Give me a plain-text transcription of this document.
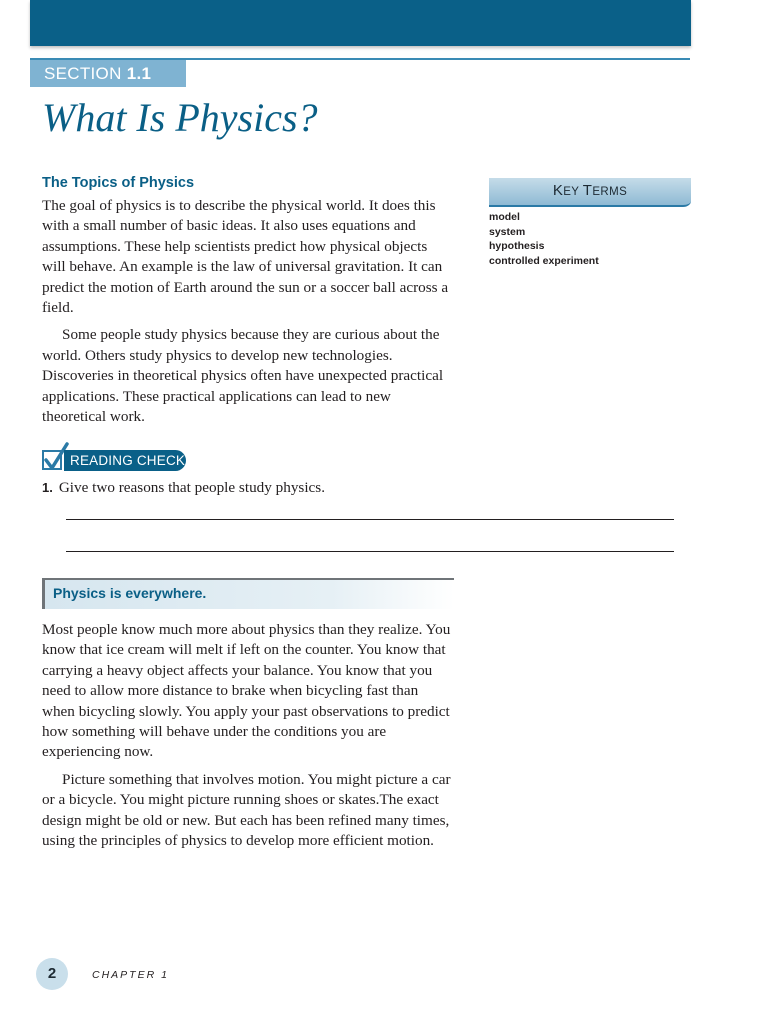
SECTION 1.1
What Is Physics?
The Topics of Physics

The goal of physics is to describe the physical world. It does this with a small number of basic ideas. It also uses equations and assumptions. These help scientists predict how physical objects will behave. An example is the law of universal gravitation. It can predict the motion of Earth around the sun or a soccer ball across a field.

Some people study physics because they are curious about the world. Others study physics to develop new technologies. Discoveries in theoretical physics often have unexpected practical applications. These practical applications can lead to new theoretical work.

KEY TERMS
model
system
hypothesis
controlled experiment
READING CHECK
1. Give two reasons that people study physics.
Physics is everywhere.

Most people know much more about physics than they realize. You know that ice cream will melt if left on the counter. You know that carrying a heavy object affects your balance. You know that you need to allow more distance to brake when bicycling fast than when bicycling slowly. You apply your past observations to predict how something will behave under the conditions you are experiencing now.

Picture something that involves motion. You might picture a car or a bicycle. You might picture running shoes or skates.The exact design might be old or new. But each has been refined many times, using the principles of physics to develop more efficient motion.

2	CHAPTER 1
